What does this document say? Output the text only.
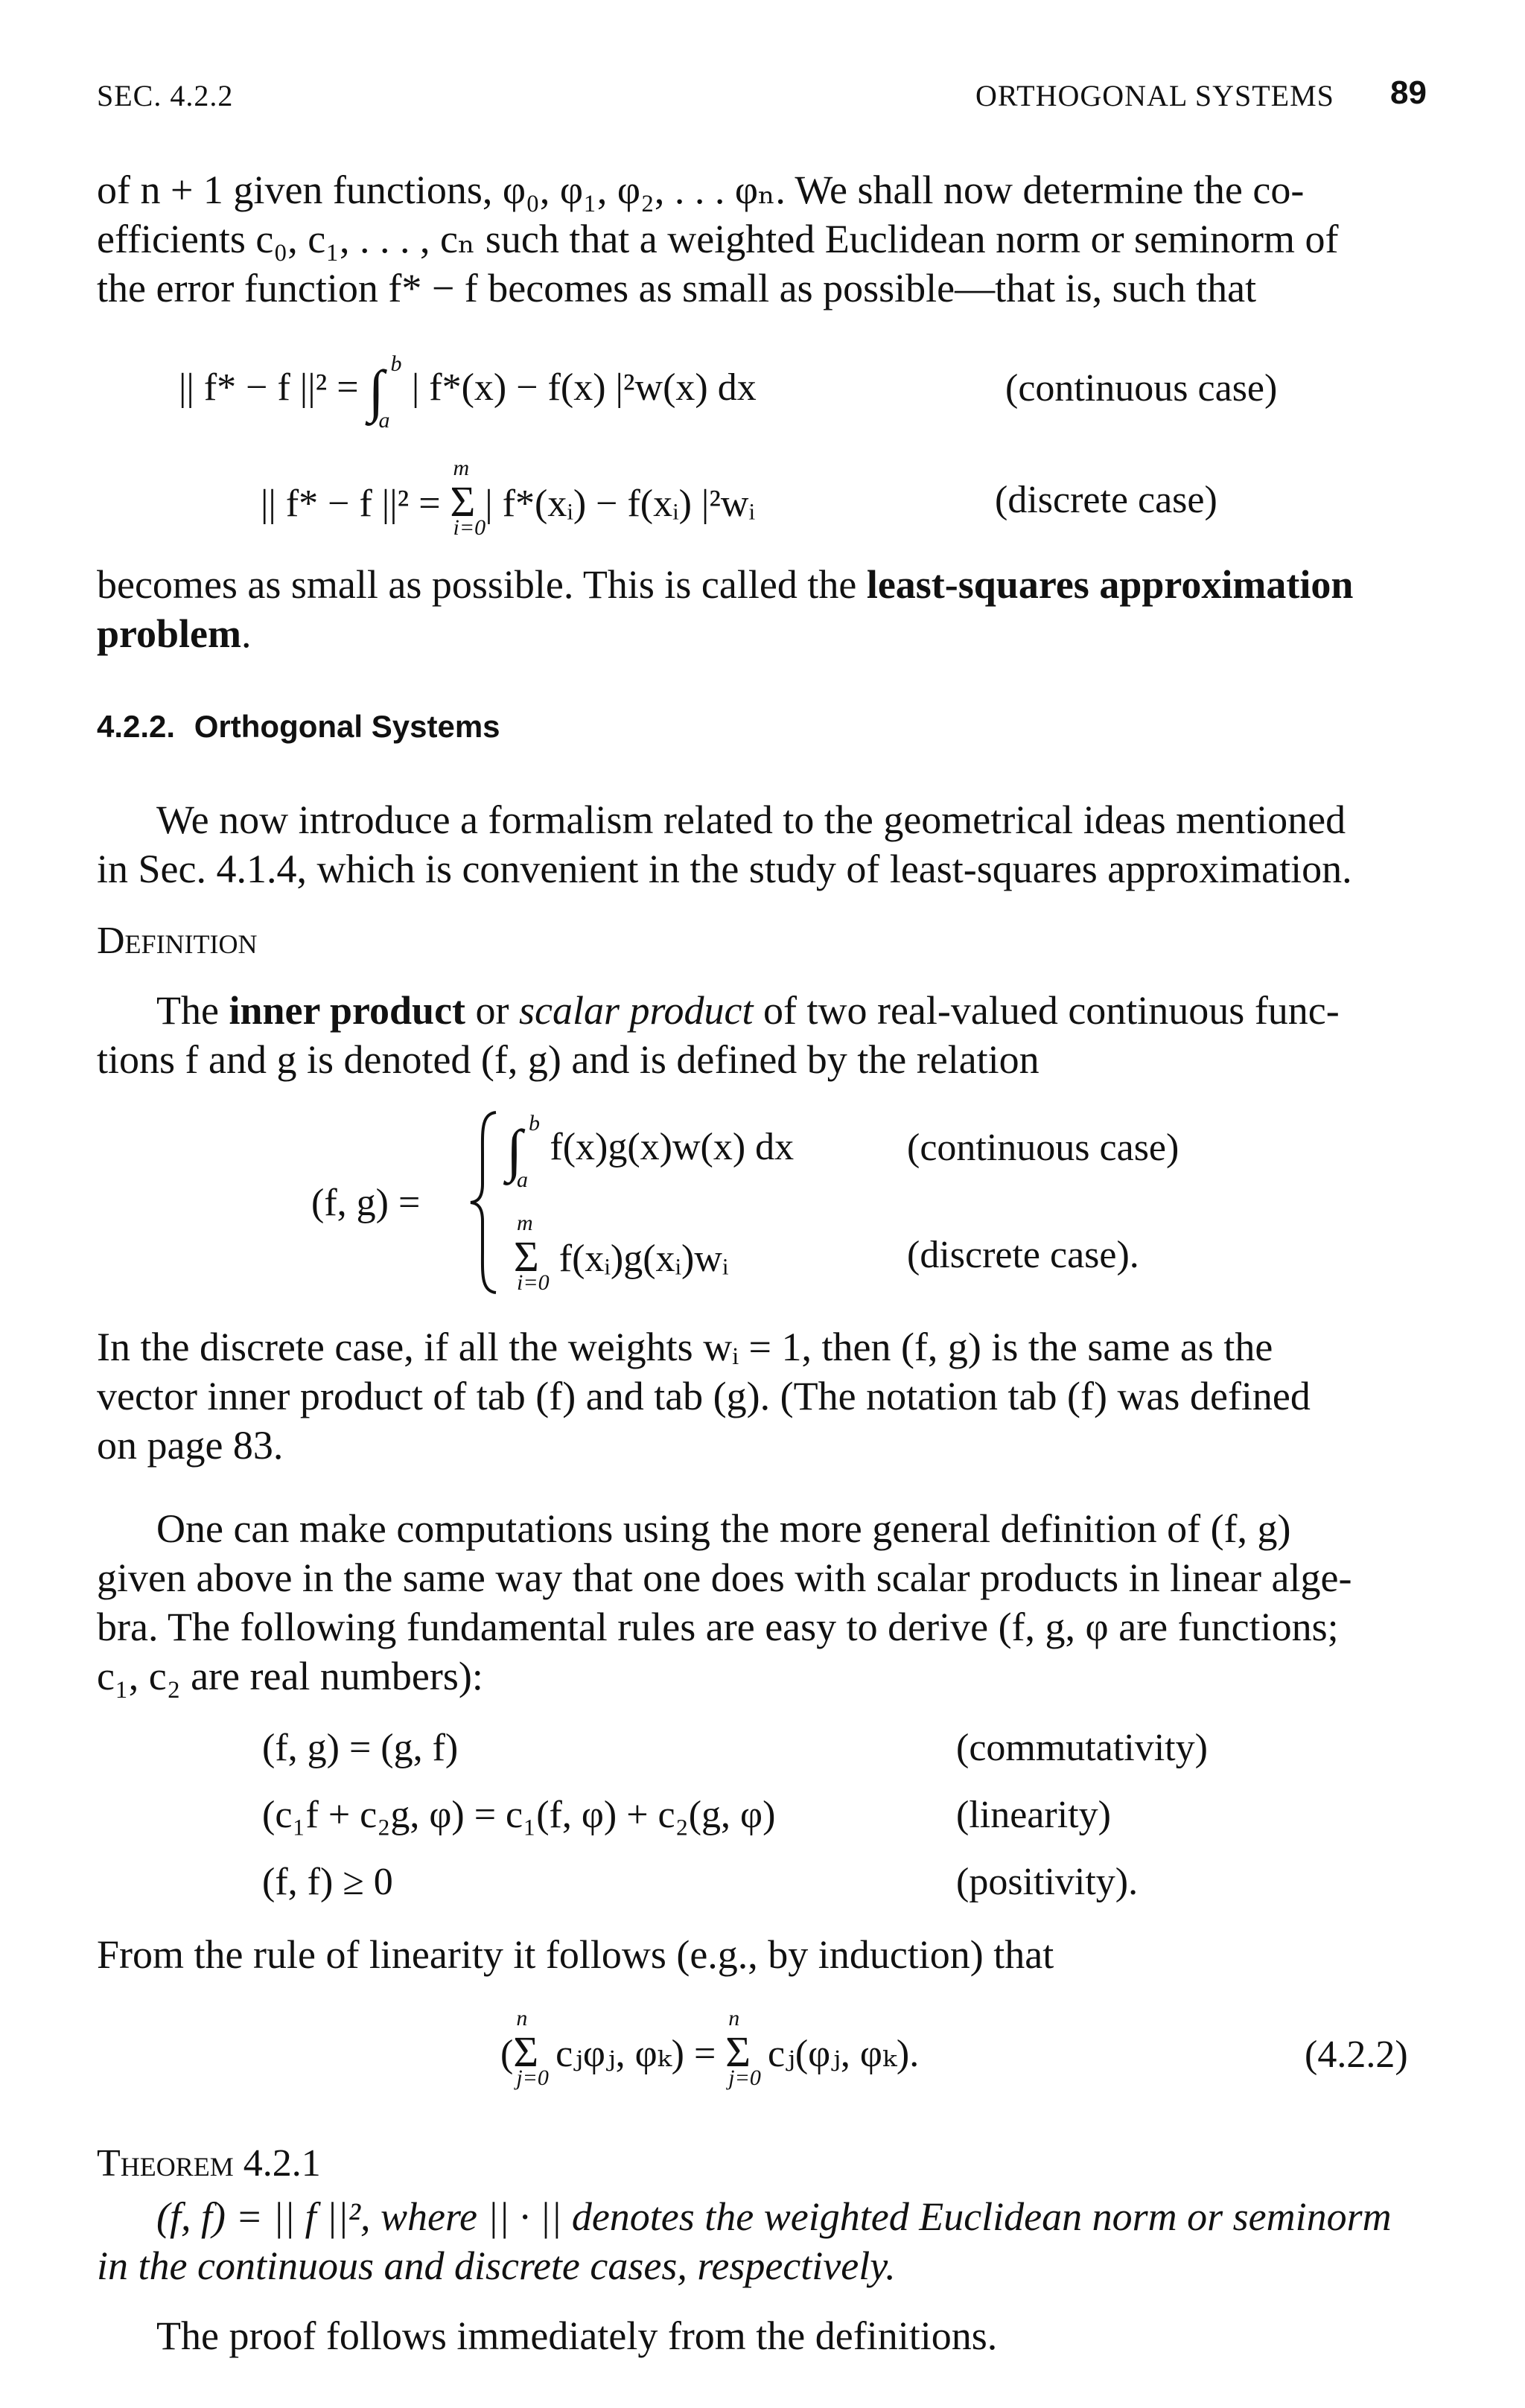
SEC. 4.2.2	ORTHOGONAL SYSTEMS 89
of n + 1 given functions, φ₀, φ₁, φ₂, . . . φₙ. We shall now determine the co-
efficients c₀, c₁, . . . , cₙ such that a weighted Euclidean norm or seminorm of
the error function f* − f becomes as small as possible—that is, such that
|| f* − f ||² = ∫ b
a
| f*(x) − f(x) |²w(x) dx	(continuous case)
|| f* − f ||² = Σ
m
i=0
| f*(xᵢ) − f(xᵢ) |²wᵢ	(discrete case)
becomes as small as possible. This is called the least-squares approximation
problem.
4.2.2. Orthogonal Systems
We now introduce a formalism related to the geometrical ideas mentioned
in Sec. 4.1.4, which is convenient in the study of least-squares approximation.
Definition
The inner product or scalar product of two real-valued continuous func-
tions f and g is denoted (f, g) and is defined by the relation
(f, g) =
∫ b
a
f(x)g(x)w(x) dx	(continuous case)
Σ
m
i=0
f(xᵢ)g(xᵢ)wᵢ	(discrete case).
In the discrete case, if all the weights wᵢ = 1, then (f, g) is the same as the
vector inner product of tab (f) and tab (g). (The notation tab (f) was defined
on page 83.
One can make computations using the more general definition of (f, g)
given above in the same way that one does with scalar products in linear alge-
bra. The following fundamental rules are easy to derive (f, g, φ are functions;
c₁, c₂ are real numbers):
(f, g) = (g, f)	(commutativity)
(c₁f + c₂g, φ) = c₁(f, φ) + c₂(g, φ)	(linearity)
(f, f) ≥ 0	(positivity).
From the rule of linearity it follows (e.g., by induction) that
(Σ
n
j=0
cⱼφⱼ, φₖ) = Σ
n
j=0
cⱼ(φⱼ, φₖ).	(4.2.2)
Theorem 4.2.1
(f, f) = || f ||², where || · || denotes the weighted Euclidean norm or seminorm
in the continuous and discrete cases, respectively.
The proof follows immediately from the definitions.
